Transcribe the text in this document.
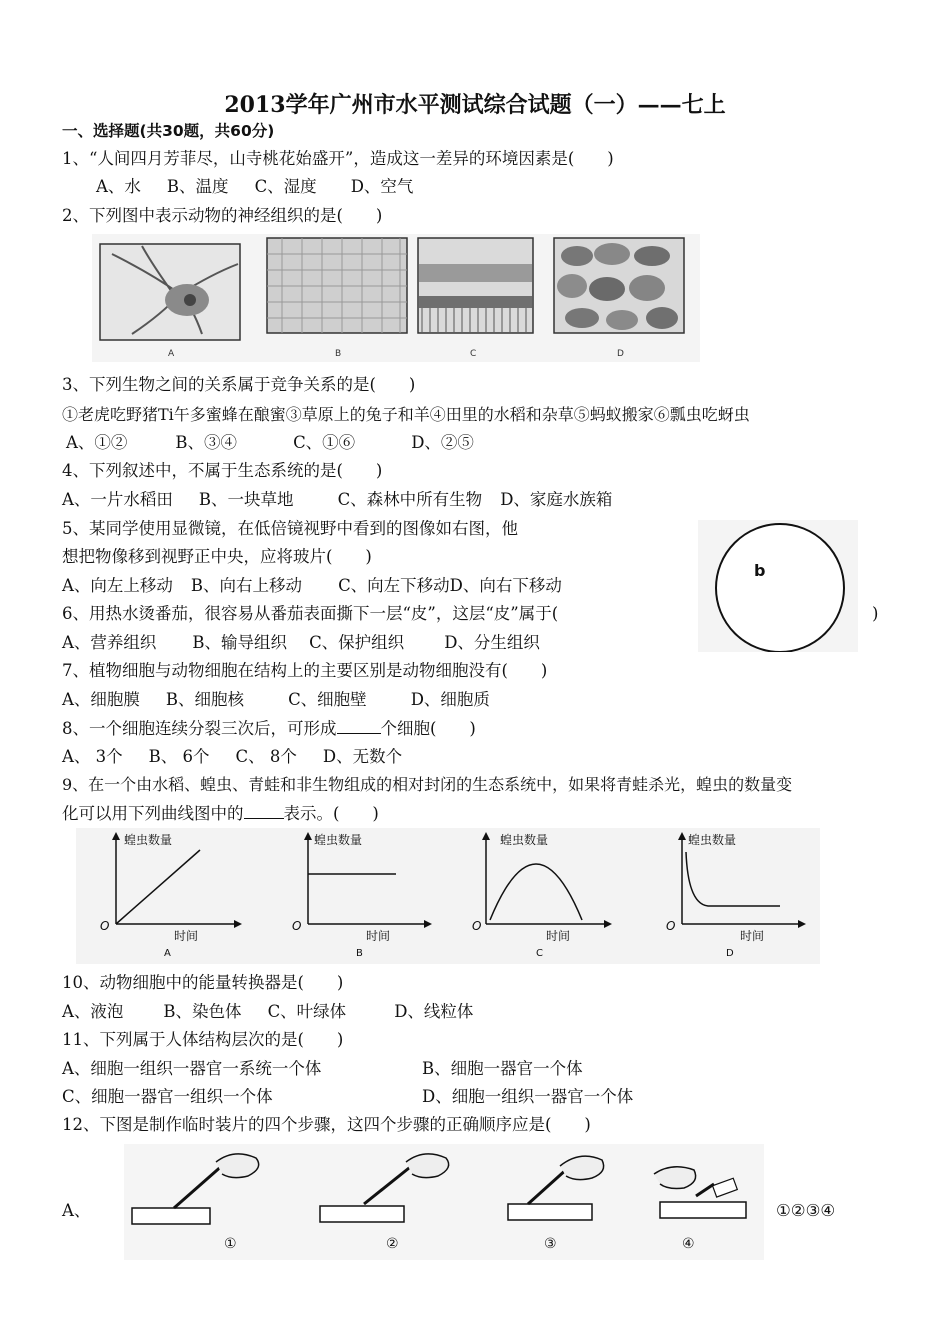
2013学年广州市水平测试综合试题（一）——七上
一、选择题(共30题，共60分)
1、“人间四月芳菲尽，山寺桃花始盛开”，造成这一差异的环境因素是(　　)
A、水 B、温度 C、湿度 D、空气
2、下列图中表示动物的神经组织的是(　　)
A	B	C	D
3、下列生物之间的关系属于竞争关系的是(　　)
①老虎吃野猪Ti午多蜜蜂在酿蜜③草原上的兔子和羊④田里的水稻和杂草⑤蚂蚁搬家⑥瓢虫吃蚜虫
A、①②	B、③④	C、①⑥	D、②⑤
4、下列叙述中，不属于生态系统的是(　　)
A、一片水稻田 B、一块草地	C、森林中所有生物 D、家庭水族箱
5、某同学使用显微镜，在低倍镜视野中看到的图像如右图，他
想把物像移到视野正中央，应将玻片(　　)
A、向左上移动 B、向右上移动 C、向左下移动D、向右下移动
b
6、用热水烫番茄，很容易从番茄表面撕下一层“皮”，这层“皮”属于(	)
A、营养组织 B、输导组织 C、保护组织 D、分生组织
7、植物细胞与动物细胞在结构上的主要区别是动物细胞没有(　　)
A、细胞膜 B、细胞核	C、细胞壁	D、细胞质
8、一个细胞连续分裂三次后，可形成	个细胞(　　)
A、 3个 B、 6个 C、 8个 D、无数个
9、在一个由水稻、蝗虫、青蛙和非生物组成的相对封闭的生态系统中，如果将青蛙杀光，蝗虫的数量变
化可以用下列曲线图中的 表示。(　　)
蝗虫数量
时间
O
A
蝗虫数量
时间
O
B
蝗虫数量
时间
O
C
蝗虫数量
时间
O
D
10、动物细胞中的能量转换器是(　　)
A、液泡 B、染色体 C、叶绿体	D、线粒体
11、下列属于人体结构层次的是(　　)
A、细胞一组织一器官一系统一个体	B、细胞一器官一个体
C、细胞一器官一组织一个体	D、细胞一组织一器官一个体
12、下图是制作临时装片的四个步骤，这四个步骤的正确顺序应是(　　)
A、
①	②	③	④
①②③④
